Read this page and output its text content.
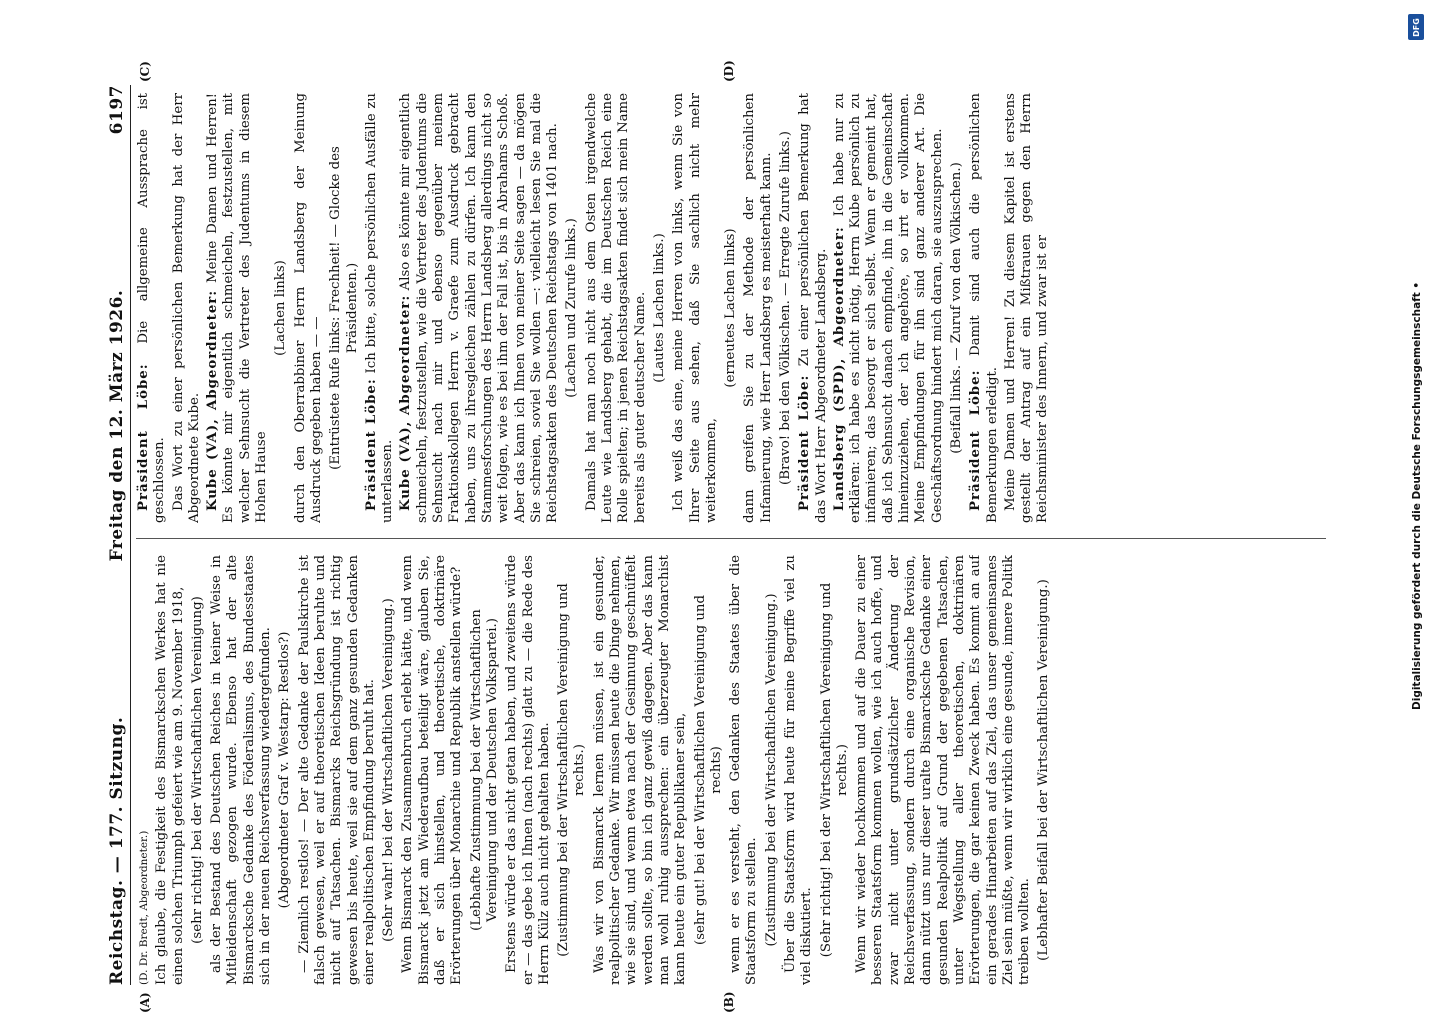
Reichstag. — 177. Sitzung.
Freitag den 12. März 1926.
6197

(D. Dr. Bredt, Abgeordneter.) Ich glaube, die Festigkeit des Bismarckschen Werkes hat nie einen solchen Triumph gefeiert wie am 9. November 1918, (sehr richtig! bei der Wirtschaftlichen Vereinigung) als der Bestand des Deutschen Reiches in keiner Weise in Mitleidenschaft gezogen wurde. Ebenso hat der alte Bismarcksche Gedanke des Föderalismus, des Bundesstaates sich in der neuen Reichsverfassung wiedergefunden. (Abgeordneter Graf v. Westarp: Restlos?) — Ziemlich restlos! — Der alte Gedanke der Paulskirche ist falsch gewesen, weil er auf theoretischen Ideen beruhte und nicht auf Tatsachen. Bismarcks Reichsgründung ist richtig gewesen bis heute, weil sie auf dem ganz gesunden Gedanken einer realpolitischen Empfindung beruht hat. (Sehr wahr! bei der Wirtschaftlichen Vereinigung.) Wenn Bismarck den Zusammenbruch erlebt hätte, und wenn Bismarck jetzt am Wiederaufbau beteiligt wäre, glauben Sie, daß er sich hinstellen, und theoretische, doktrinäre Erörterungen über Monarchie und Republik anstellen würde? (Lebhafte Zustimmung bei der Wirtschaftlichen Vereinigung und der Deutschen Volkspartei.) Erstens würde er das nicht getan haben, und zweitens würde er — das gebe ich Ihnen (nach rechts) glatt zu — die Rede des Herrn Külz auch nicht gehalten haben. (Zustimmung bei der Wirtschaftlichen Vereinigung und rechts.) Was wir von Bismarck lernen müssen, ist ein gesunder, realpolitischer Gedanke. Wir müssen heute die Dinge nehmen, wie sie sind, und wenn etwa nach der Gesinnung geschnüffelt werden sollte, so bin ich ganz gewiß dagegen. Aber das kann man wohl ruhig aussprechen: ein überzeugter Monarchist kann heute ein guter Republikaner sein, (sehr gut! bei der Wirtschaftlichen Vereinigung und rechts) wenn er es versteht, den Gedanken des Staates über die Staatsform zu stellen. (Zustimmung bei der Wirtschaftlichen Vereinigung.) Über die Staatsform wird heute für meine Begriffe viel zu viel diskutiert. (Sehr richtig! bei der Wirtschaftlichen Vereinigung und rechts.) Wenn wir wieder hochkommen und auf die Dauer zu einer besseren Staatsform kommen wollen, wie ich auch hoffe, und zwar nicht unter grundsätzlicher Änderung der Reichsverfassung, sondern durch eine organische Revision, dann nützt uns nur dieser uralte Bismarcksche Gedanke einer gesunden Realpolitik auf Grund der gegebenen Tatsachen, unter Wegstellung aller theoretischen, doktrinären Erörterungen, die gar keinen Zweck haben. Es kommt an auf ein gerades Hinarbeiten auf das Ziel, das unser gemeinsames Ziel sein müßte, wenn wir wirklich eine gesunde, innere Politik treiben wollten. (Lebhafter Beifall bei der Wirtschaftlichen Vereinigung.)

Präsident Löbe: Die allgemeine Aussprache ist geschlossen. Das Wort zu einer persönlichen Bemerkung hat der Herr Abgeordnete Kube. Kube (VA), Abgeordneter: Meine Damen und Herren! Es könnte mir eigentlich schmeicheln, festzustellen, mit welcher Sehnsucht die Vertreter des Judentums in diesem Hohen Hause

(Lachen links) durch den Oberrabbiner Herrn Landsberg der Meinung Ausdruck gegeben haben — — (Entrüstete Rufe links: Frechheit! — Glocke des Präsidenten.)

Präsident Löbe: Ich bitte, solche persönlichen Ausfälle zu unterlassen. Kube (VA), Abgeordneter: Also es könnte mir eigentlich schmeicheln, festzustellen, wie die Vertreter des Judentums die Sehnsucht nach mir und ebenso gegenüber meinem Fraktionskollegen Herrn v. Graefe zum Ausdruck gebracht haben, uns zu ihresgleichen zählen zu dürfen. Ich kann den Stammesforschungen des Herrn Landsberg allerdings nicht so weit folgen, wie es bei ihm der Fall ist, bis in Abrahams Schoß. Aber das kann ich Ihnen von meiner Seite sagen — da mögen Sie schreien, soviel Sie wollen —: vielleicht lesen Sie mal die Reichstagsakten des Deutschen Reichstags von 1401 nach. (Lachen und Zurufe links.) Damals hat man noch nicht aus dem Osten irgendwelche Leute wie Landsberg gehabt, die im Deutschen Reich eine Rolle spielten; in jenen Reichstagsakten findet sich mein Name bereits als guter deutscher Name. (Lautes Lachen links.) Ich weiß das eine, meine Herren von links, wenn Sie von Ihrer Seite aus sehen, daß Sie sachlich nicht mehr weiterkommen,

(erneutes Lachen links) dann greifen Sie zu der Methode der persönlichen Infamierung, wie Herr Landsberg es meisterhaft kann. (Bravo! bei den Völkischen. — Erregte Zurufe links.) Präsident Löbe: Zu einer persönlichen Bemerkung hat das Wort Herr Abgeordneter Landsberg. Landsberg (SPD), Abgeordneter: Ich habe nur zu erklären: ich habe es nicht nötig, Herrn Kube persönlich zu infamieren; das besorgt er sich selbst. Wenn er gemeint hat, daß ich Sehnsucht danach empfinde, ihn in die Gemeinschaft hineinzuziehen, der ich angehöre, so irrt er vollkommen. Meine Empfindungen für ihn sind ganz anderer Art. Die Geschäftsordnung hindert mich daran, sie auszusprechen. (Beifall links. — Zuruf von den Völkischen.) Präsident Löbe: Damit sind auch die persönlichen Bemerkungen erledigt. Meine Damen und Herren! Zu diesem Kapitel ist erstens gestellt der Antrag auf ein Mißtrauen gegen den Herrn Reichsminister des Innern, und zwar ist er

(A)	(B)
(C)	(D)
DFG
Digitalisierung gefördert durch die Deutsche Forschungsgemeinschaft •
